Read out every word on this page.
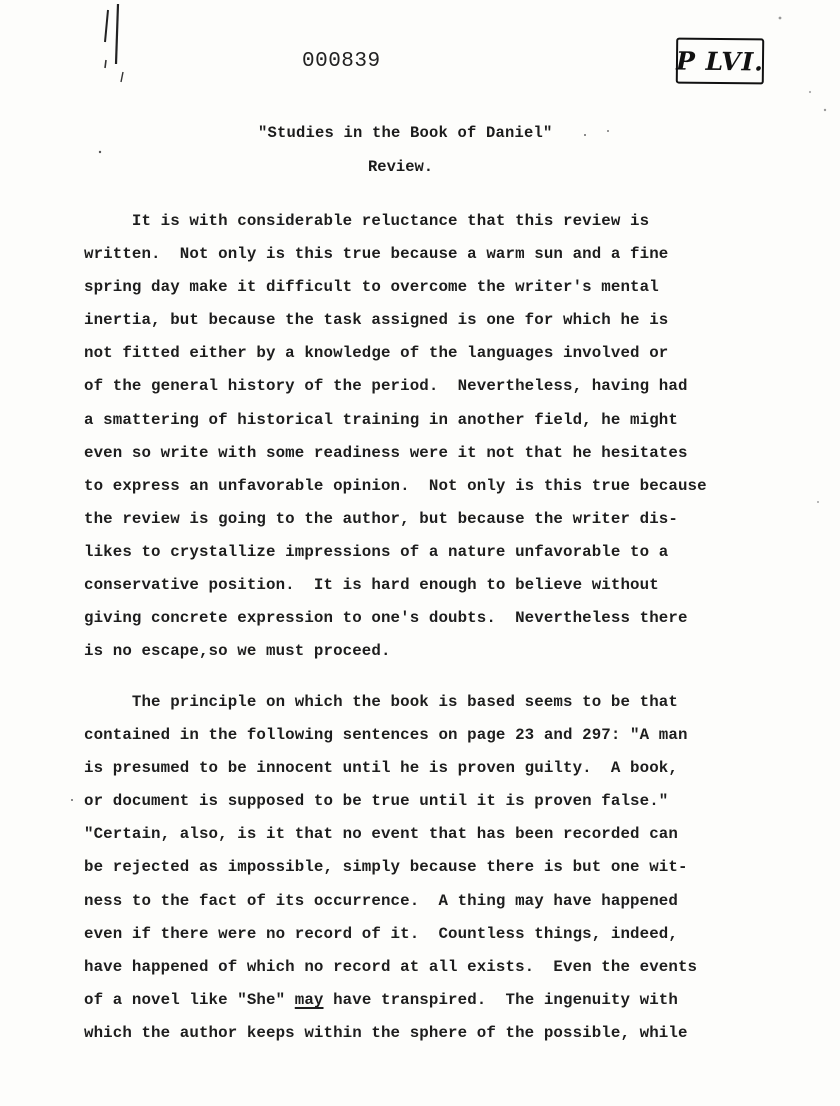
000839	P LVI.
"Studies in the Book of Daniel"
Review.
It is with considerable reluctance that this review is
written.  Not only is this true because a warm sun and a fine
spring day make it difficult to overcome the writer's mental
inertia, but because the task assigned is one for which he is
not fitted either by a knowledge of the languages involved or
of the general history of the period.  Nevertheless, having had
a smattering of historical training in another field, he might
even so write with some readiness were it not that he hesitates
to express an unfavorable opinion.  Not only is this true because
the review is going to the author, but because the writer dis-
likes to crystallize impressions of a nature unfavorable to a
conservative position.  It is hard enough to believe without
giving concrete expression to one's doubts.  Nevertheless there
is no escape,so we must proceed.
The principle on which the book is based seems to be that
contained in the following sentences on page 23 and 297: "A man
is presumed to be innocent until he is proven guilty.  A book,
or document is supposed to be true until it is proven false."
"Certain, also, is it that no event that has been recorded can
be rejected as impossible, simply because there is but one wit-
ness to the fact of its occurrence.  A thing may have happened
even if there were no record of it.  Countless things, indeed,
have happened of which no record at all exists.  Even the events
of a novel like "She" may have transpired.  The ingenuity with
which the author keeps within the sphere of the possible, while
